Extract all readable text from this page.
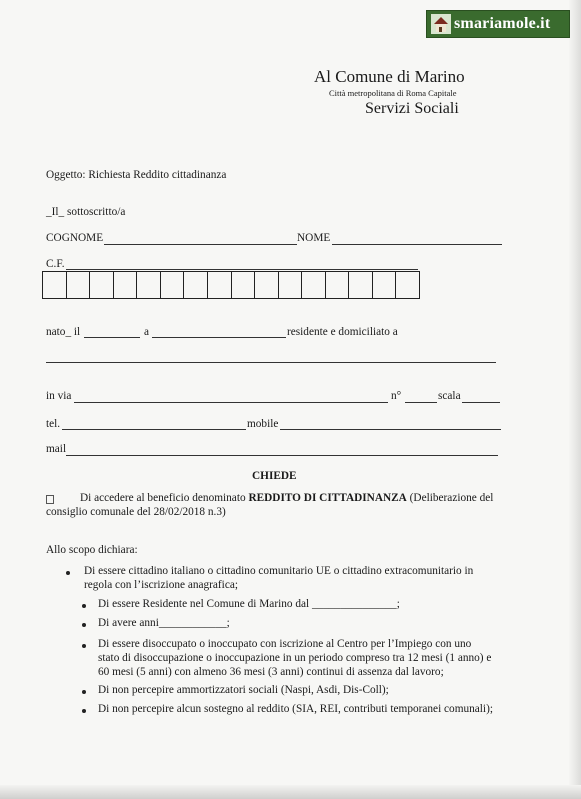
smariamole.it
Al Comune di Marino
Città metropolitana di Roma Capitale
Servizi Sociali
Oggetto: Richiesta Reddito cittadinanza
_Il_ sottoscritto/a
COGNOME	NOME
C.F.
nato_ il	a	residente e domiciliato a
in via	n°	scala
tel.	mobile
mail
CHIEDE
Di accedere al beneficio denominato REDDITO DI CITTADINANZA (Deliberazione del
consiglio comunale del 28/02/2018 n.3)
Allo scopo dichiara:
Di essere cittadino italiano o cittadino comunitario UE o cittadino extracomunitario in
regola con l’iscrizione anagrafica;
Di essere Residente nel Comune di Marino dal _______________;
Di avere anni____________;
Di essere disoccupato o inoccupato con iscrizione al Centro per l’Impiego con uno
stato di disoccupazione o inoccupazione in un periodo compreso tra 12 mesi (1 anno) e
60 mesi (5 anni) con almeno 36 mesi (3 anni) continui di assenza dal lavoro;
Di non percepire ammortizzatori sociali (Naspi, Asdi, Dis-Coll);
Di non percepire alcun sostegno al reddito (SIA, REI, contributi temporanei comunali);
